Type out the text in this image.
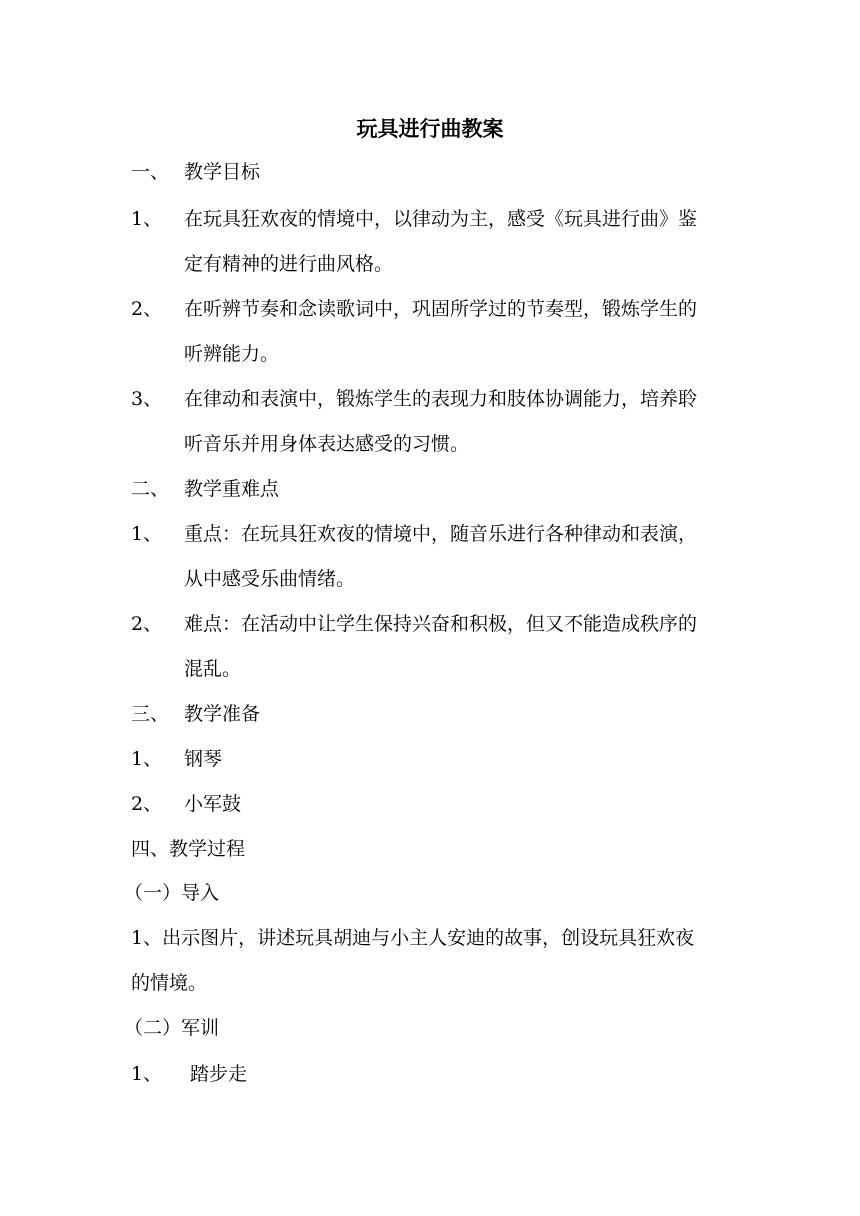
玩具进行曲教案
一、 教学目标
1、 在玩具狂欢夜的情境中，以律动为主，感受《玩具进行曲》鉴
定有精神的进行曲风格。
2、 在听辨节奏和念读歌词中，巩固所学过的节奏型，锻炼学生的
听辨能力。
3、 在律动和表演中，锻炼学生的表现力和肢体协调能力，培养聆
听音乐并用身体表达感受的习惯。
二、 教学重难点
1、 重点：在玩具狂欢夜的情境中，随音乐进行各种律动和表演，
从中感受乐曲情绪。
2、 难点：在活动中让学生保持兴奋和积极，但又不能造成秩序的
混乱。
三、 教学准备
1、 钢琴
2、 小军鼓
四、教学过程
（一）导入
1、出示图片，讲述玩具胡迪与小主人安迪的故事，创设玩具狂欢夜
的情境。
（二）军训
1、 踏步走
